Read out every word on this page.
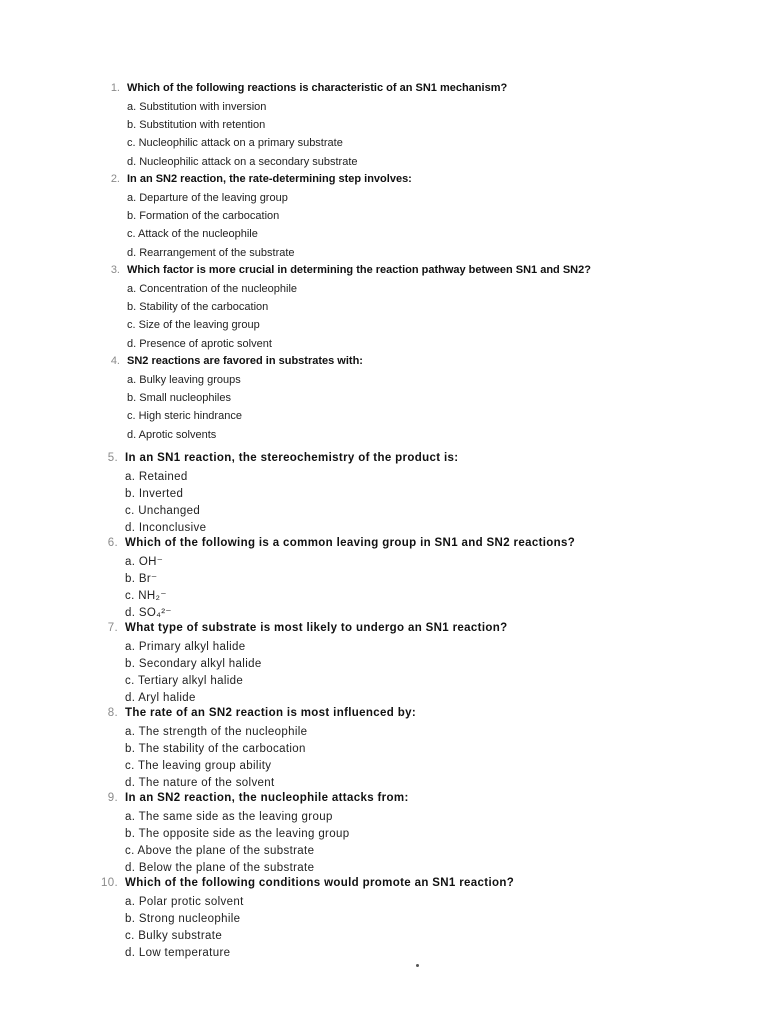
1. Which of the following reactions is characteristic of an SN1 mechanism?
a. Substitution with inversion
b. Substitution with retention
c. Nucleophilic attack on a primary substrate
d. Nucleophilic attack on a secondary substrate
2. In an SN2 reaction, the rate-determining step involves:
a. Departure of the leaving group
b. Formation of the carbocation
c. Attack of the nucleophile
d. Rearrangement of the substrate
3. Which factor is more crucial in determining the reaction pathway between SN1 and SN2?
a. Concentration of the nucleophile
b. Stability of the carbocation
c. Size of the leaving group
d. Presence of aprotic solvent
4. SN2 reactions are favored in substrates with:
a. Bulky leaving groups
b. Small nucleophiles
c. High steric hindrance
d. Aprotic solvents
5. In an SN1 reaction, the stereochemistry of the product is:
a. Retained
b. Inverted
c. Unchanged
d. Inconclusive
6. Which of the following is a common leaving group in SN1 and SN2 reactions?
a. OH⁻
b. Br⁻
c. NH₂⁻
d. SO₄²⁻
7. What type of substrate is most likely to undergo an SN1 reaction?
a. Primary alkyl halide
b. Secondary alkyl halide
c. Tertiary alkyl halide
d. Aryl halide
8. The rate of an SN2 reaction is most influenced by:
a. The strength of the nucleophile
b. The stability of the carbocation
c. The leaving group ability
d. The nature of the solvent
9. In an SN2 reaction, the nucleophile attacks from:
a. The same side as the leaving group
b. The opposite side as the leaving group
c. Above the plane of the substrate
d. Below the plane of the substrate
10. Which of the following conditions would promote an SN1 reaction?
a. Polar protic solvent
b. Strong nucleophile
c. Bulky substrate
d. Low temperature
